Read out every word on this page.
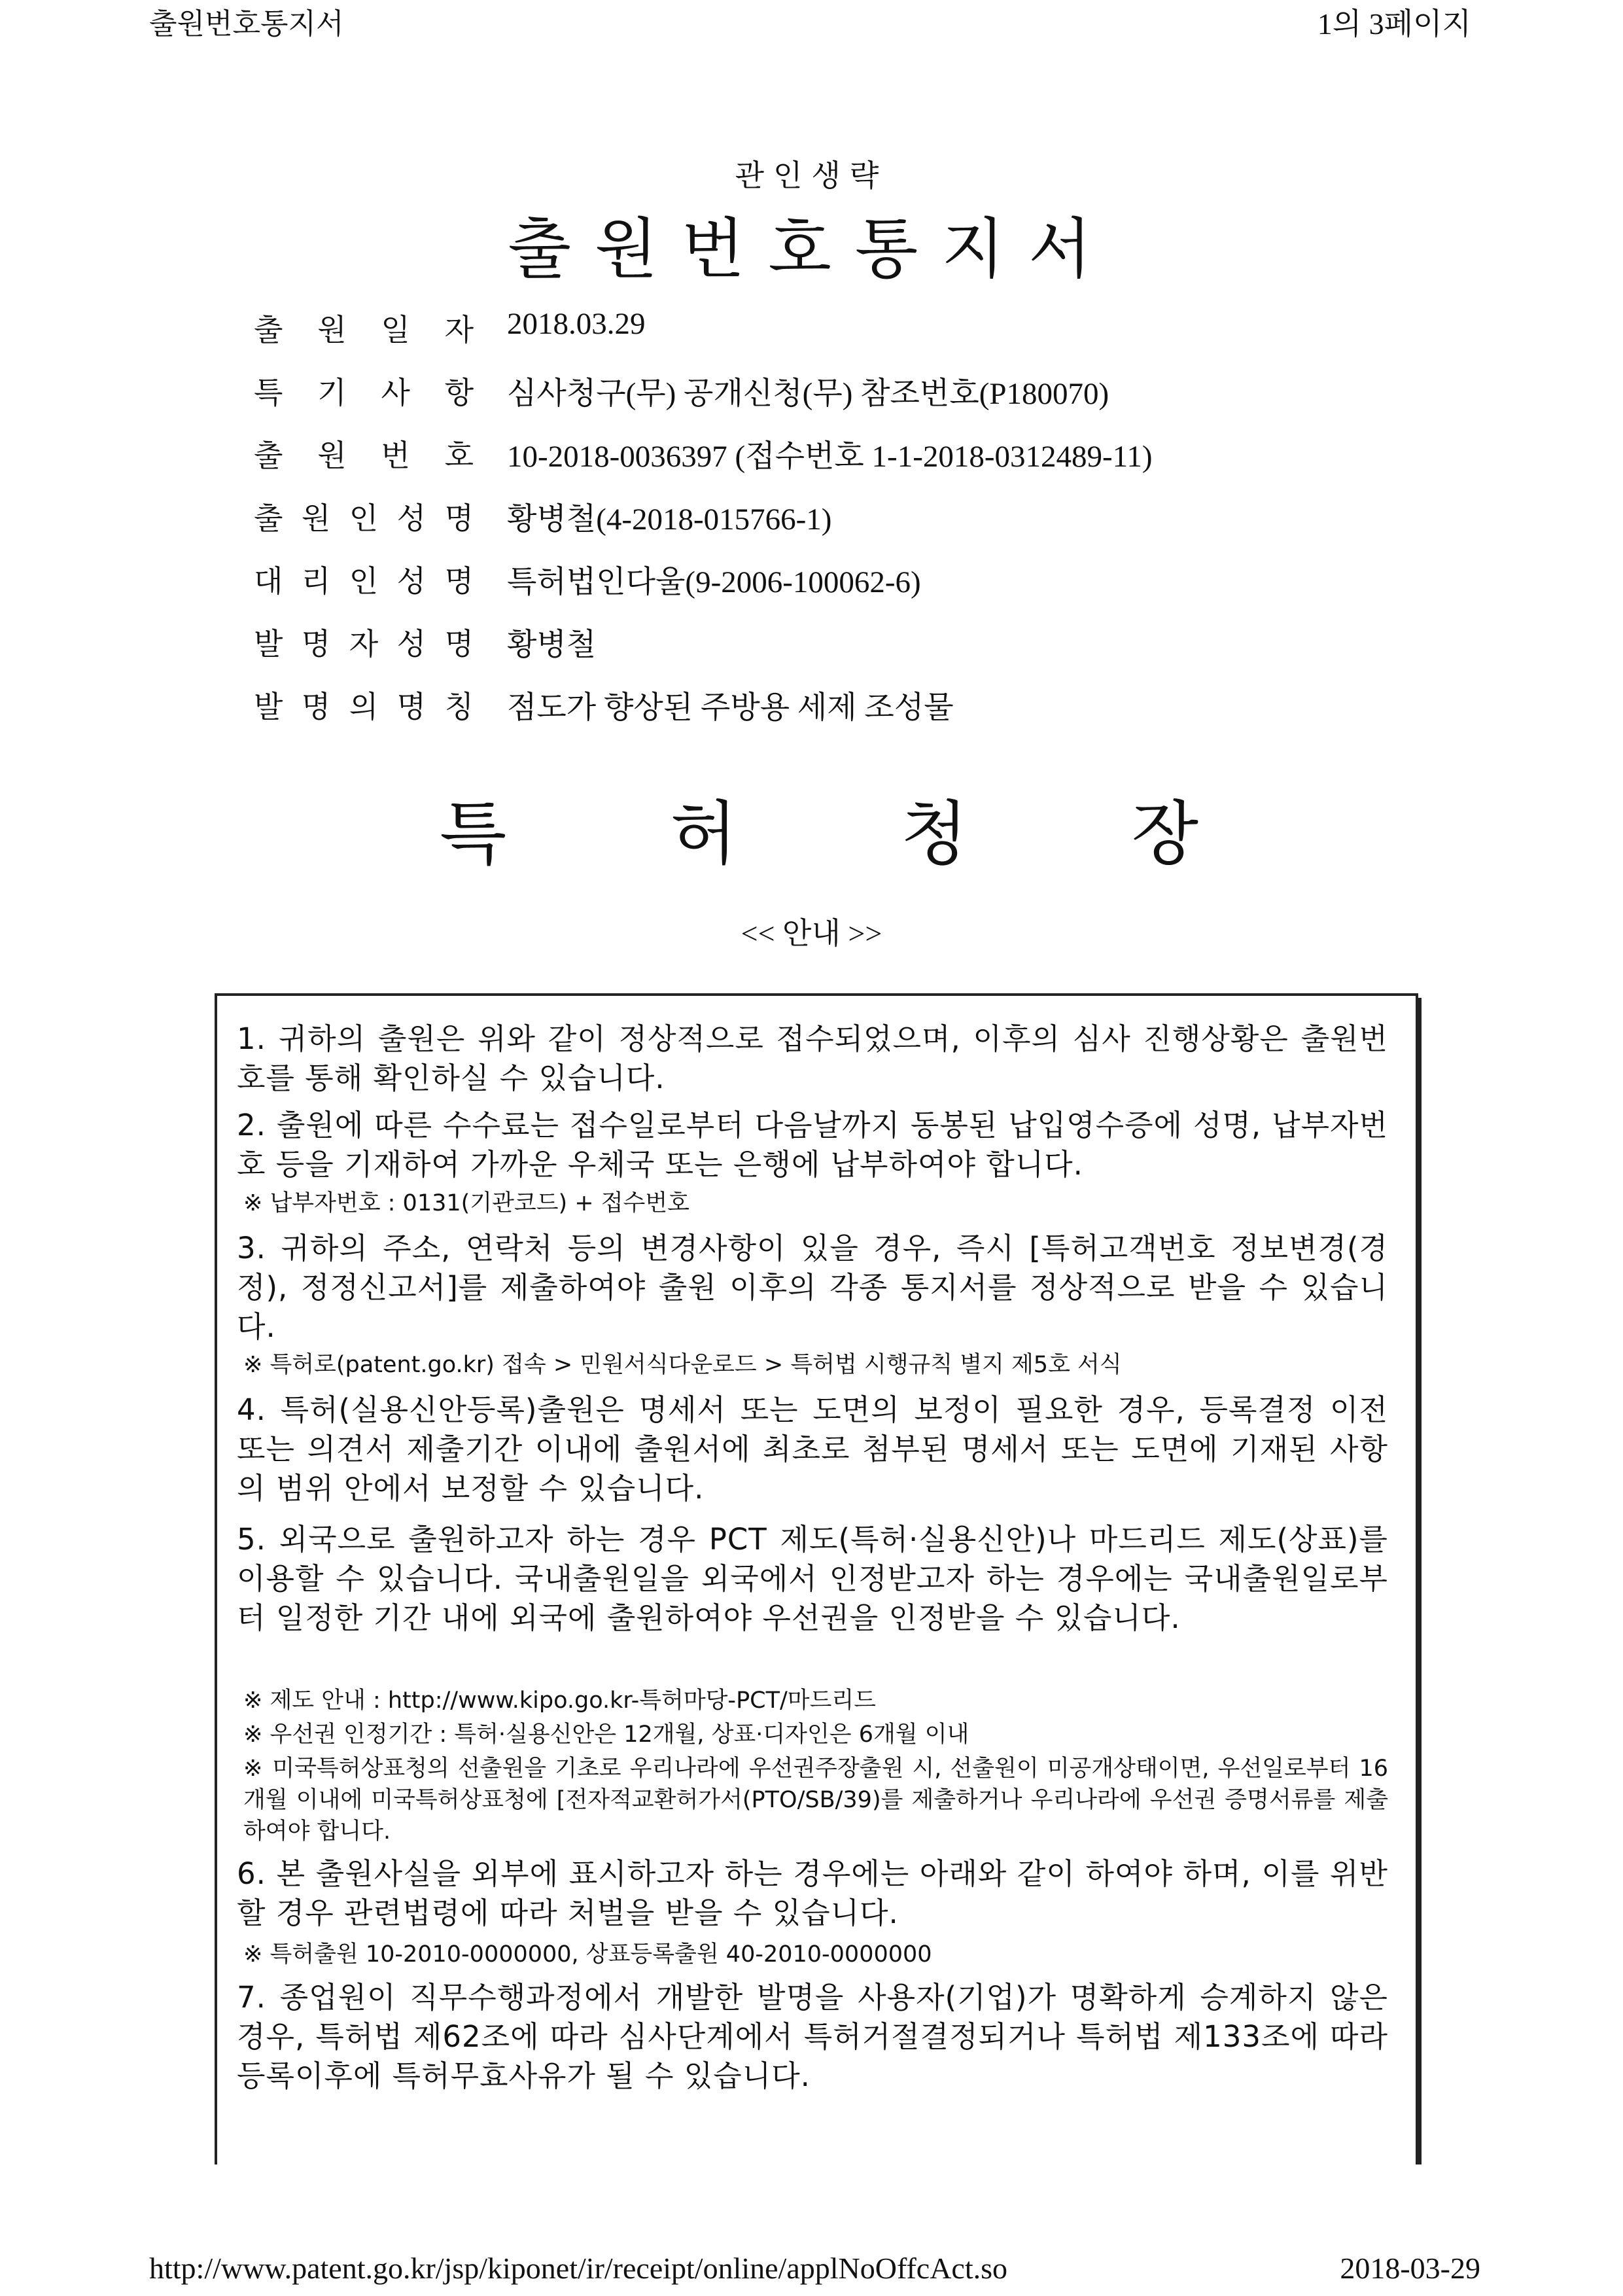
출원번호통지서	1의 3페이지
관인생략
출원번호통지서
출 원 일 자 2018.03.29
특 기 사 항 심사청구(무) 공개신청(무) 참조번호(P180070)
출 원 번 호 10-2018-0036397 (접수번호 1-1-2018-0312489-11)
출 원 인 성 명 황병철(4-2018-015766-1)
대 리 인 성 명 특허법인다울(9-2006-100062-6)
발 명 자 성 명 황병철
발 명 의 명 칭 점도가 향상된 주방용 세제 조성물
특 허 청 장
<< 안내 >>
1. 귀하의 출원은 위와 같이 정상적으로 접수되었으며, 이후의 심사 진행상황은 출원번호를 통해 확인하실 수 있습니다.
2. 출원에 따른 수수료는 접수일로부터 다음날까지 동봉된 납입영수증에 성명, 납부자번호 등을 기재하여 가까운 우체국 또는 은행에 납부하여야 합니다.
※ 납부자번호 : 0131(기관코드) + 접수번호
3. 귀하의 주소, 연락처 등의 변경사항이 있을 경우, 즉시 [특허고객번호 정보변경(경정), 정정신고서]를 제출하여야 출원 이후의 각종 통지서를 정상적으로 받을 수 있습니다.
※ 특허로(patent.go.kr) 접속 > 민원서식다운로드 > 특허법 시행규칙 별지 제5호 서식
4. 특허(실용신안등록)출원은 명세서 또는 도면의 보정이 필요한 경우, 등록결정 이전 또는 의견서 제출기간 이내에 출원서에 최초로 첨부된 명세서 또는 도면에 기재된 사항의 범위 안에서 보정할 수 있습니다.
5. 외국으로 출원하고자 하는 경우 PCT 제도(특허·실용신안)나 마드리드 제도(상표)를 이용할 수 있습니다. 국내출원일을 외국에서 인정받고자 하는 경우에는 국내출원일로부터 일정한 기간 내에 외국에 출원하여야 우선권을 인정받을 수 있습니다.
※ 제도 안내 : http://www.kipo.go.kr-특허마당-PCT/마드리드
※ 우선권 인정기간 : 특허·실용신안은 12개월, 상표·디자인은 6개월 이내
※ 미국특허상표청의 선출원을 기초로 우리나라에 우선권주장출원 시, 선출원이 미공개상태이면, 우선일로부터 16개월 이내에 미국특허상표청에 [전자적교환허가서(PTO/SB/39)를 제출하거나 우리나라에 우선권 증명서류를 제출하여야 합니다.
6. 본 출원사실을 외부에 표시하고자 하는 경우에는 아래와 같이 하여야 하며, 이를 위반할 경우 관련법령에 따라 처벌을 받을 수 있습니다.
※ 특허출원 10-2010-0000000, 상표등록출원 40-2010-0000000
7. 종업원이 직무수행과정에서 개발한 발명을 사용자(기업)가 명확하게 승계하지 않은 경우, 특허법 제62조에 따라 심사단계에서 특허거절결정되거나 특허법 제133조에 따라 등록이후에 특허무효사유가 될 수 있습니다.
http://www.patent.go.kr/jsp/kiponet/ir/receipt/online/applNoOffcAct.so	2018-03-29
